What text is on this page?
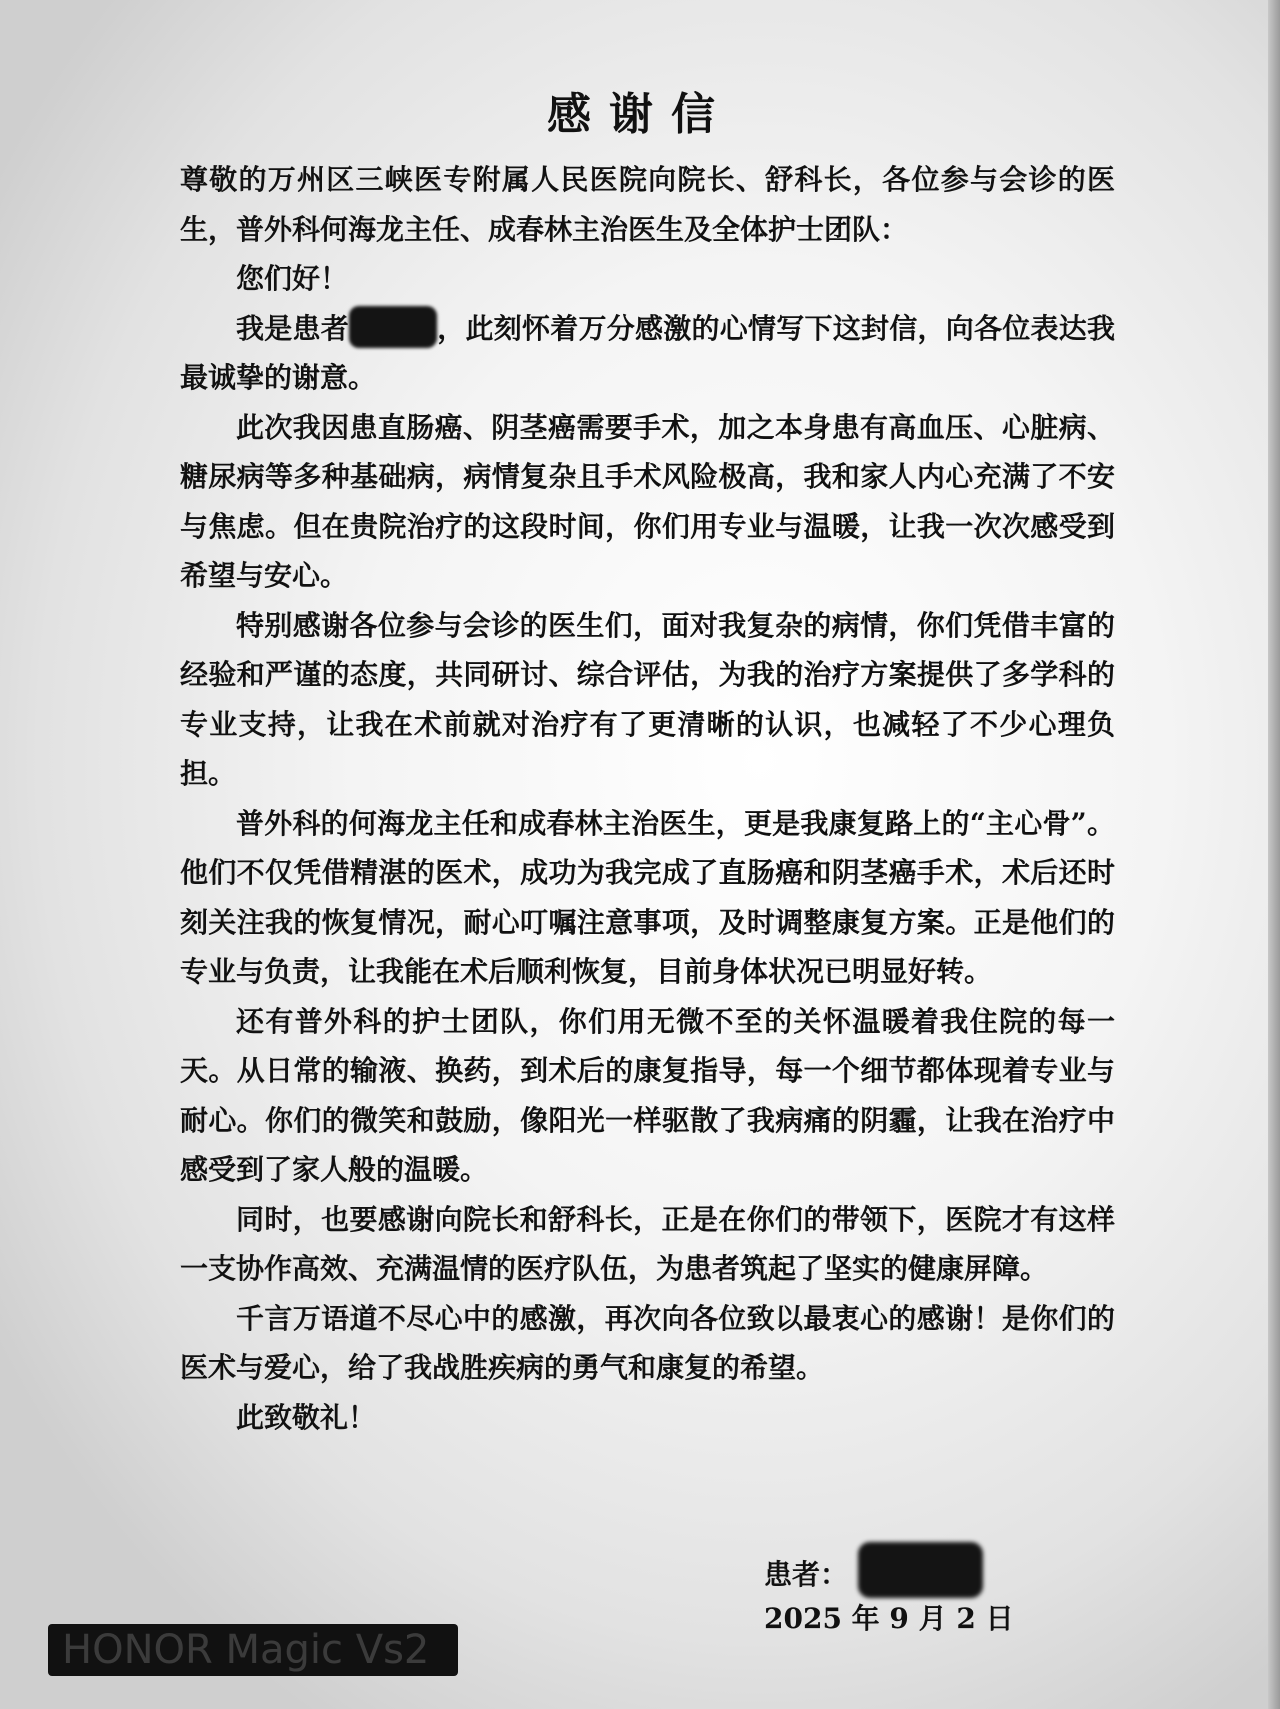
感谢信

尊敬的万州区三峡医专附属人民医院向院长、舒科长，各位参与会诊的医生，普外科何海龙主任、成春林主治医生及全体护士团队：

您们好！

我是患者	，此刻怀着万分感激的心情写下这封信，向各位表达我最诚挚的谢意。

此次我因患直肠癌、阴茎癌需要手术，加之本身患有高血压、心脏病、糖尿病等多种基础病，病情复杂且手术风险极高，我和家人内心充满了不安与焦虑。但在贵院治疗的这段时间，你们用专业与温暖，让我一次次感受到希望与安心。

特别感谢各位参与会诊的医生们，面对我复杂的病情，你们凭借丰富的经验和严谨的态度，共同研讨、综合评估，为我的治疗方案提供了多学科的专业支持，让我在术前就对治疗有了更清晰的认识，也减轻了不少心理负担。

普外科的何海龙主任和成春林主治医生，更是我康复路上的“主心骨”。他们不仅凭借精湛的医术，成功为我完成了直肠癌和阴茎癌手术，术后还时刻关注我的恢复情况，耐心叮嘱注意事项，及时调整康复方案。正是他们的专业与负责，让我能在术后顺利恢复，目前身体状况已明显好转。

还有普外科的护士团队，你们用无微不至的关怀温暖着我住院的每一天。从日常的输液、换药，到术后的康复指导，每一个细节都体现着专业与耐心。你们的微笑和鼓励，像阳光一样驱散了我病痛的阴霾，让我在治疗中感受到了家人般的温暖。

同时，也要感谢向院长和舒科长，正是在你们的带领下，医院才有这样一支协作高效、充满温情的医疗队伍，为患者筑起了坚实的健康屏障。

千言万语道不尽心中的感激，再次向各位致以最衷心的感谢！是你们的医术与爱心，给了我战胜疾病的勇气和康复的希望。

此致敬礼！

患者：
2025 年 9 月 2 日
HONOR Magic Vs2
